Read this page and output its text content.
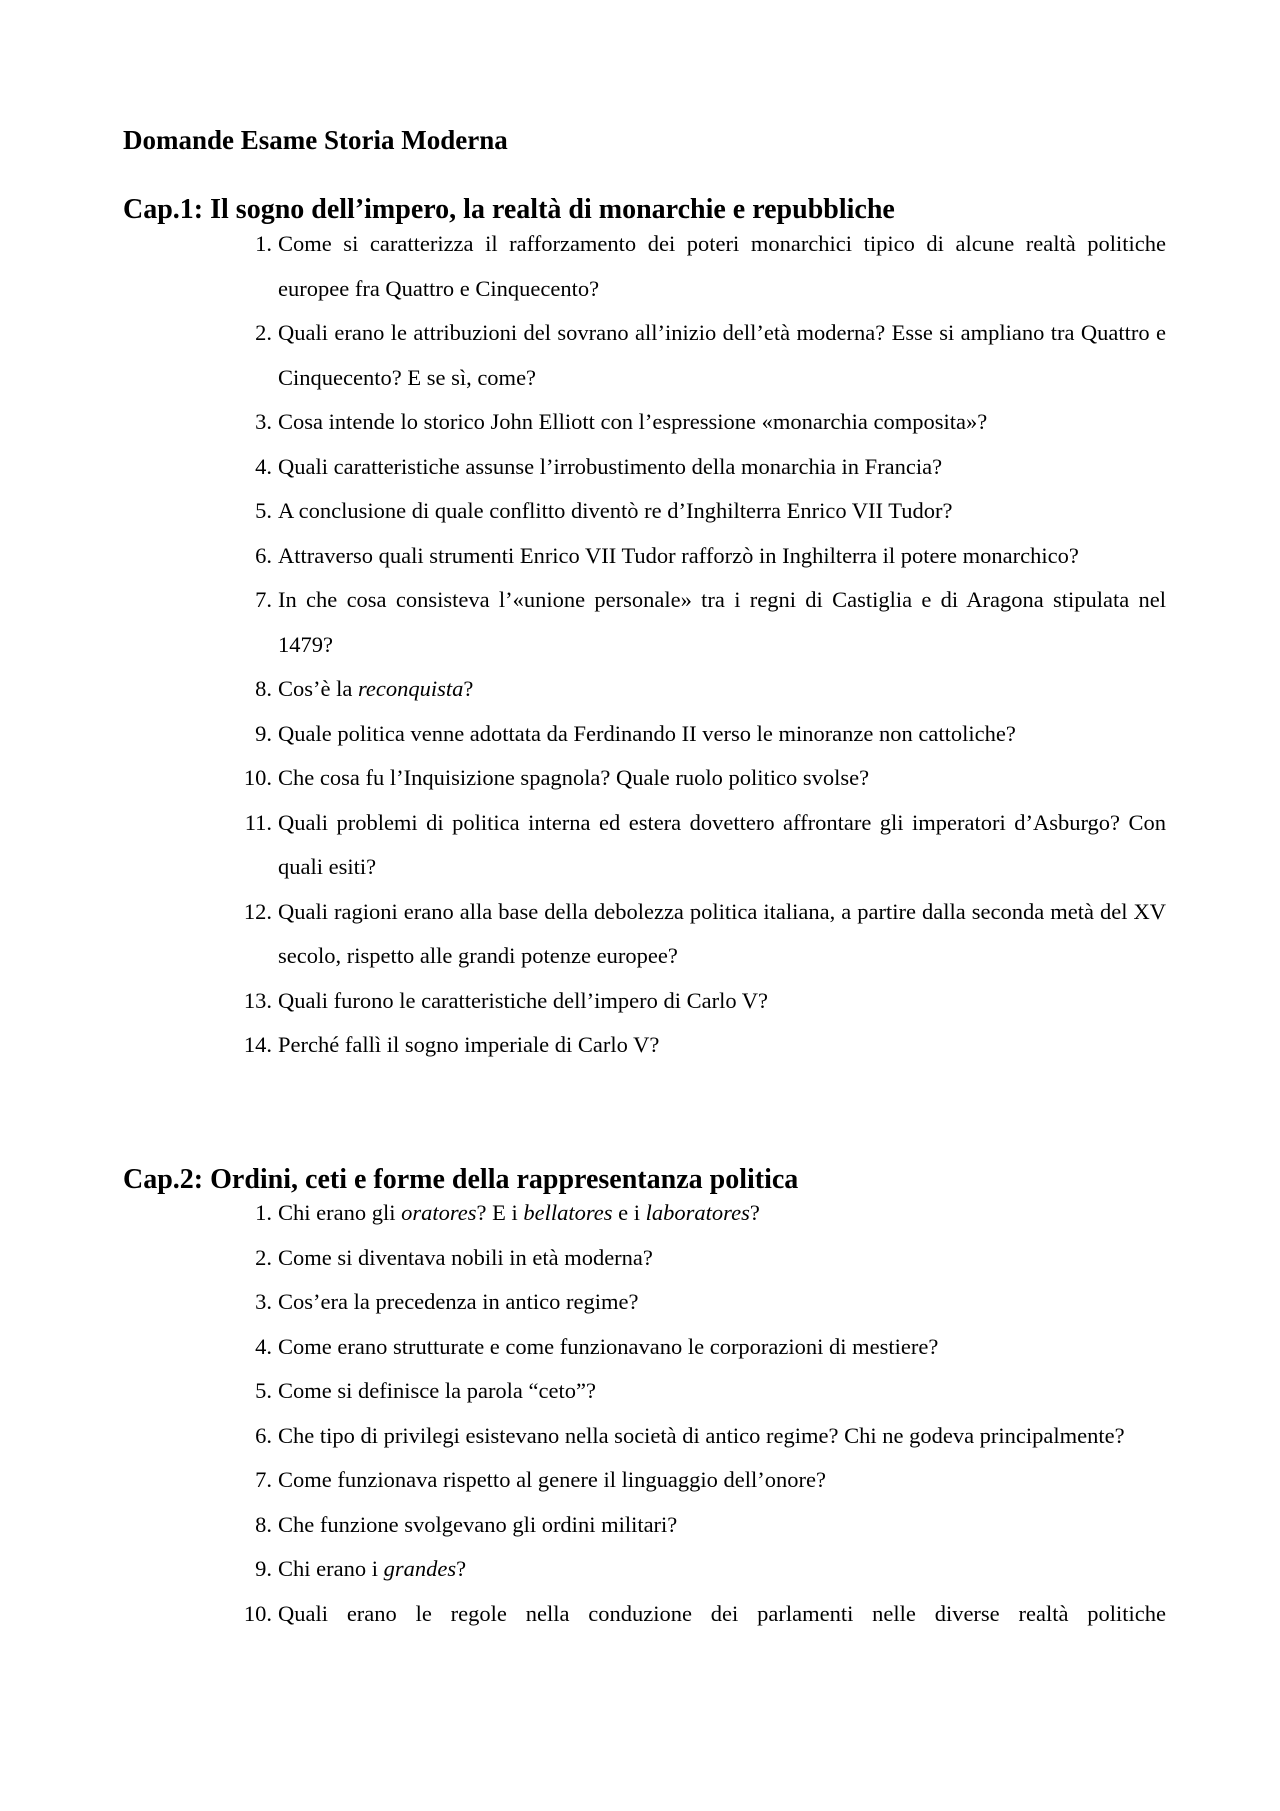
Domande Esame Storia Moderna
Cap.1: Il sogno dell’impero, la realtà di monarchie e repubbliche
1. Come si caratterizza il rafforzamento dei poteri monarchici tipico di alcune realtà politiche europee fra Quattro e Cinquecento?
2. Quali erano le attribuzioni del sovrano all’inizio dell’età moderna? Esse si ampliano tra Quattro e Cinquecento? E se sì, come?
3. Cosa intende lo storico John Elliott con l’espressione «monarchia composita»?
4. Quali caratteristiche assunse l’irrobustimento della monarchia in Francia?
5. A conclusione di quale conflitto diventò re d’Inghilterra Enrico VII Tudor?
6. Attraverso quali strumenti Enrico VII Tudor rafforzò in Inghilterra il potere monarchico?
7. In che cosa consisteva l’«unione personale» tra i regni di Castiglia e di Aragona stipulata nel 1479?
8. Cos’è la reconquista?
9. Quale politica venne adottata da Ferdinando II verso le minoranze non cattoliche?
10. Che cosa fu l’Inquisizione spagnola? Quale ruolo politico svolse?
11. Quali problemi di politica interna ed estera dovettero affrontare gli imperatori d’Asburgo? Con quali esiti?
12. Quali ragioni erano alla base della debolezza politica italiana, a partire dalla seconda metà del XV secolo, rispetto alle grandi potenze europee?
13. Quali furono le caratteristiche dell’impero di Carlo V?
14. Perché fallì il sogno imperiale di Carlo V?
Cap.2: Ordini, ceti e forme della rappresentanza politica
1. Chi erano gli oratores? E i bellatores e i laboratores?
2. Come si diventava nobili in età moderna?
3. Cos’era la precedenza in antico regime?
4. Come erano strutturate e come funzionavano le corporazioni di mestiere?
5. Come si definisce la parola “ceto”?
6. Che tipo di privilegi esistevano nella società di antico regime? Chi ne godeva principalmente?
7. Come funzionava rispetto al genere il linguaggio dell’onore?
8. Che funzione svolgevano gli ordini militari?
9. Chi erano i grandes?
10. Quali erano le regole nella conduzione dei parlamenti nelle diverse realtà politiche
